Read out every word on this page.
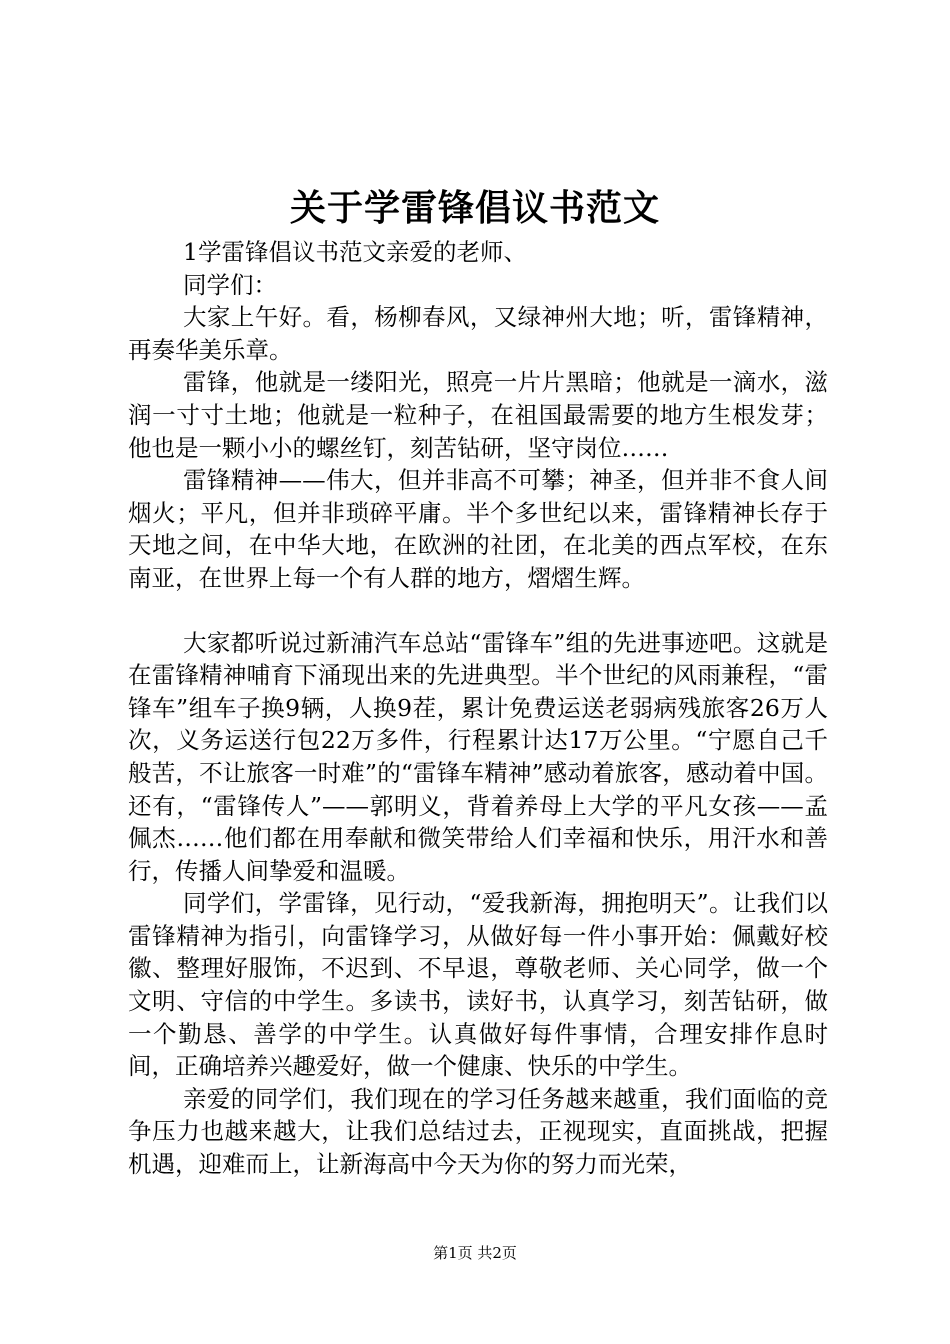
关于学雷锋倡议书范文

1学雷锋倡议书范文亲爱的老师、

同学们：

大家上午好。看，杨柳春风，又绿神州大地；听，雷锋精神，再奏华美乐章。

雷锋，他就是一缕阳光，照亮一片片黑暗；他就是一滴水，滋润一寸寸土地；他就是一粒种子，在祖国最需要的地方生根发芽；他也是一颗小小的螺丝钉，刻苦钻研，坚守岗位……

雷锋精神——伟大，但并非高不可攀；神圣，但并非不食人间烟火；平凡，但并非琐碎平庸。半个多世纪以来，雷锋精神长存于天地之间，在中华大地，在欧洲的社团，在北美的西点军校，在东南亚，在世界上每一个有人群的地方，熠熠生辉。

大家都听说过新浦汽车总站“雷锋车”组的先进事迹吧。这就是在雷锋精神哺育下涌现出来的先进典型。半个世纪的风雨兼程，“雷锋车”组车子换9辆，人换9茬，累计免费运送老弱病残旅客26万人次，义务运送行包22万多件，行程累计达17万公里。“宁愿自己千般苦，不让旅客一时难”的“雷锋车精神”感动着旅客，感动着中国。还有，“雷锋传人”——郭明义，背着养母上大学的平凡女孩——孟佩杰……他们都在用奉献和微笑带给人们幸福和快乐，用汗水和善行，传播人间挚爱和温暖。

同学们，学雷锋，见行动，“爱我新海，拥抱明天”。让我们以雷锋精神为指引，向雷锋学习，从做好每一件小事开始：佩戴好校徽、整理好服饰，不迟到、不早退，尊敬老师、关心同学，做一个文明、守信的中学生。多读书，读好书，认真学习，刻苦钻研，做一个勤恳、善学的中学生。认真做好每件事情，合理安排作息时间，正确培养兴趣爱好，做一个健康、快乐的中学生。

亲爱的同学们，我们现在的学习任务越来越重，我们面临的竞争压力也越来越大，让我们总结过去，正视现实，直面挑战，把握机遇，迎难而上，让新海高中今天为你的努力而光荣，

第1页 共2页
